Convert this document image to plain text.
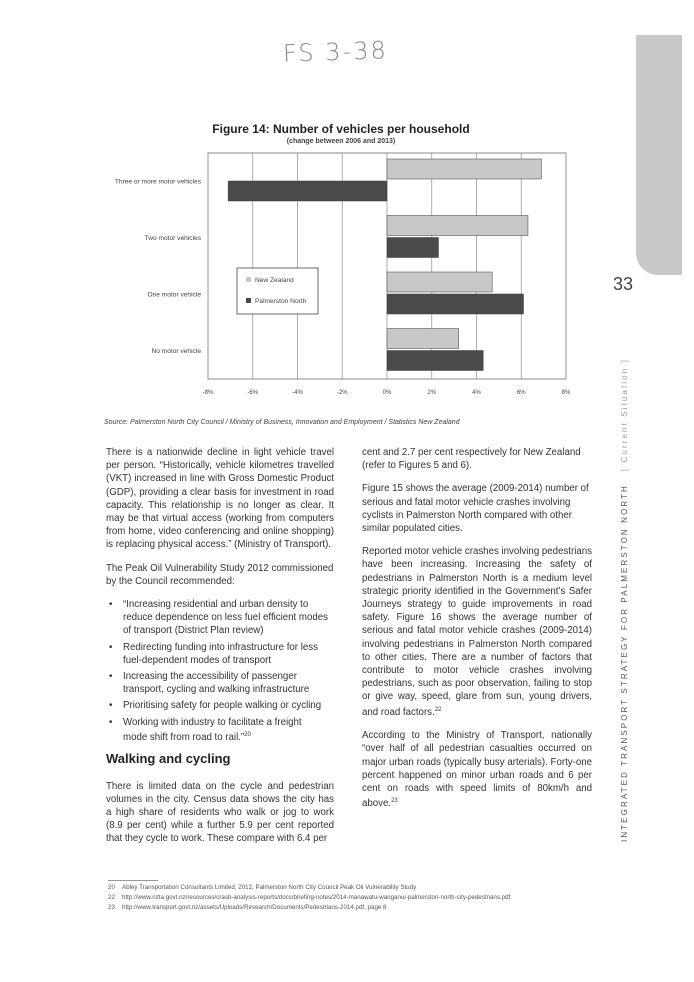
FS 3-38
33
INTEGRATED TRANSPORT STRATEGY FOR PALMERSTON NORTH   [ Current Situation ]
Figure 14: Number of vehicles per household
(change between 2006 and 2013)
-8%	-6%	-4%	-2%	0%	2%	4%	6%	8%
Three or more motor vehicles
Two motor vehicles
One motor vehicle
No motor vehicle
New Zealand
Palmerston North
Source: Palmerston North City Council / Ministry of Business, Innovation and Employment / Statistics New Zealand

There is a nationwide decline in light vehicle travel per person. “Historically, vehicle kilometres travelled (VKT) increased in line with Gross Domestic Product (GDP), providing a clear basis for investment in road capacity. This relationship is no longer as clear. It may be that virtual access (working from computers from home, video conferencing and online shopping) is replacing physical access.” (Ministry of Transport).

The Peak Oil Vulnerability Study 2012 commissioned by the Council recommended:

• “Increasing residential and urban density to reduce dependence on less fuel efficient modes of transport (District Plan review)
• Redirecting funding into infrastructure for less fuel-dependent modes of transport
• Increasing the accessibility of passenger transport, cycling and walking infrastructure
• Prioritising safety for people walking or cycling
• Working with industry to facilitate a freight mode shift from road to rail.”$^{20}$
Walking and cycling

There is limited data on the cycle and pedestrian volumes in the city. Census data shows the city has a high share of residents who walk or jog to work (8.9 per cent) while a further 5.9 per cent reported that they cycle to work. These compare with 6.4 per

cent and 2.7 per cent respectively for New Zealand (refer to Figures 5 and 6).

Figure 15 shows the average (2009-2014) number of serious and fatal motor vehicle crashes involving cyclists in Palmerston North compared with other similar populated cities.

Reported motor vehicle crashes involving pedestrians have been increasing. Increasing the safety of pedestrians in Palmerston North is a medium level strategic priority identified in the Government’s Safer Journeys strategy to guide improvements in road safety. Figure 16 shows the average number of serious and fatal motor vehicle crashes (2009-2014) involving pedestrians in Palmerston North compared to other cities. There are a number of factors that contribute to motor vehicle crashes involving pedestrians, such as poor observation, failing to stop or give way, speed, glare from sun, young drivers, and road factors.$^{22}$

According to the Ministry of Transport, nationally “over half of all pedestrian casualties occurred on major urban roads (typically busy arterials). Forty-one percent happened on minor urban roads and 6 per cent on roads with speed limits of 80km/h and above.$^{23}$

20 Abley Transportation Consultants Limited, 2012, Palmerston North City Council Peak Oil Vulnerability Study
22 http://www.nzta.govt.nz/resources/crash-analysis-reports/docs/briefing-notes/2014-manawatu-wanganui-palmerston-north-city-pedestrians.pdf
23 http://www.transport.govt.nz/assets/Uploads/Research/Documents/Pedestrians-2014.pdf, page 8
